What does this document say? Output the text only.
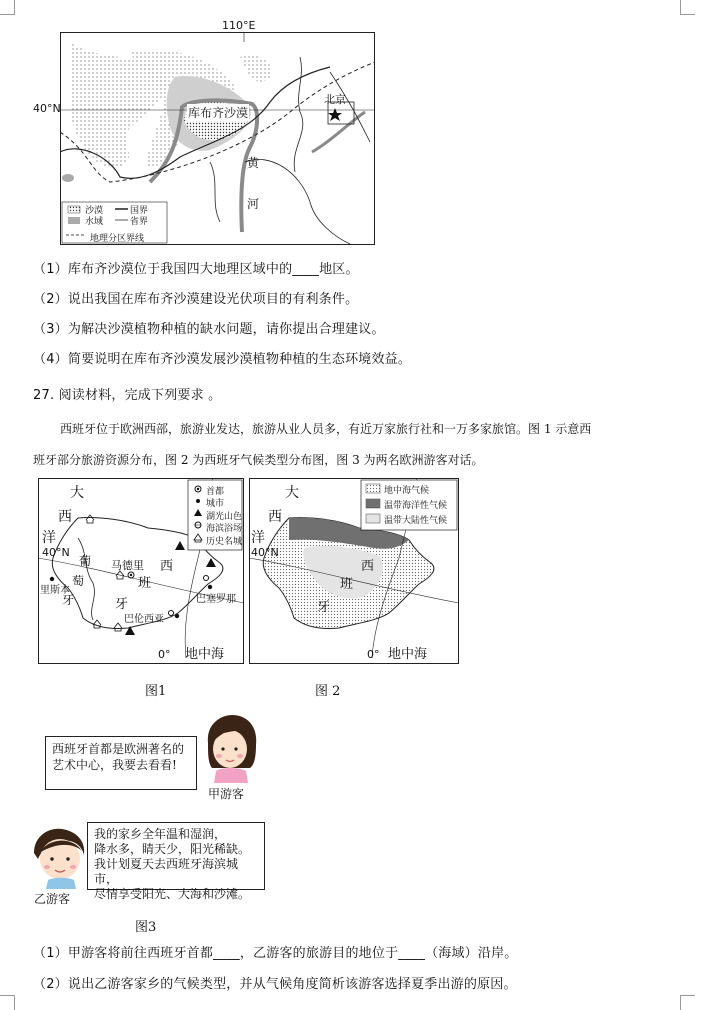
110°E
40°N	库布齐沙漠
北京
黄
河
沙漠
水域
国界
省界
地理分区界线
（1）库布齐沙漠位于我国四大地理区域中的____地区。
（2）说出我国在库布齐沙漠建设光伏项目的有利条件。
（3）为解决沙漠植物种植的缺水问题，请你提出合理建议。
（4）简要说明在库布齐沙漠发展沙漠植物种植的生态环境效益。
27. 阅读材料，完成下列要求 。
西班牙位于欧洲西部，旅游业发达，旅游从业人员多，有近万家旅行社和一万多家旅馆。图 1 示意西
班牙部分旅游资源分布，图 2 为西班牙气候类型分布图，图 3 为两名欧洲游客对话。
大
西
洋
40°N
葡
萄
牙
马德里
里斯本
巴伦西亚
巴塞罗那
西
班
牙
0° 地中海
首都
城市
湖光山色
海滨浴场
历史名城
图1
地中海气候
温带海洋性气候
温带大陆性气候
大
西
洋
40°N
西
班
牙
0° 地中海
图 2
西班牙首都是欧洲著名的
艺术中心，我要去看看!
甲游客
我的家乡全年温和湿润，
降水多，睛天少，阳光稀缺。
我计划夏天去西班牙海滨城市，
尽情享受阳光、大海和沙滩。
乙游客
图3
（1）甲游客将前往西班牙首都____，乙游客的旅游目的地位于____（海域）沿岸。
（2）说出乙游客家乡的气候类型，并从气候角度简析该游客选择夏季出游的原因。
